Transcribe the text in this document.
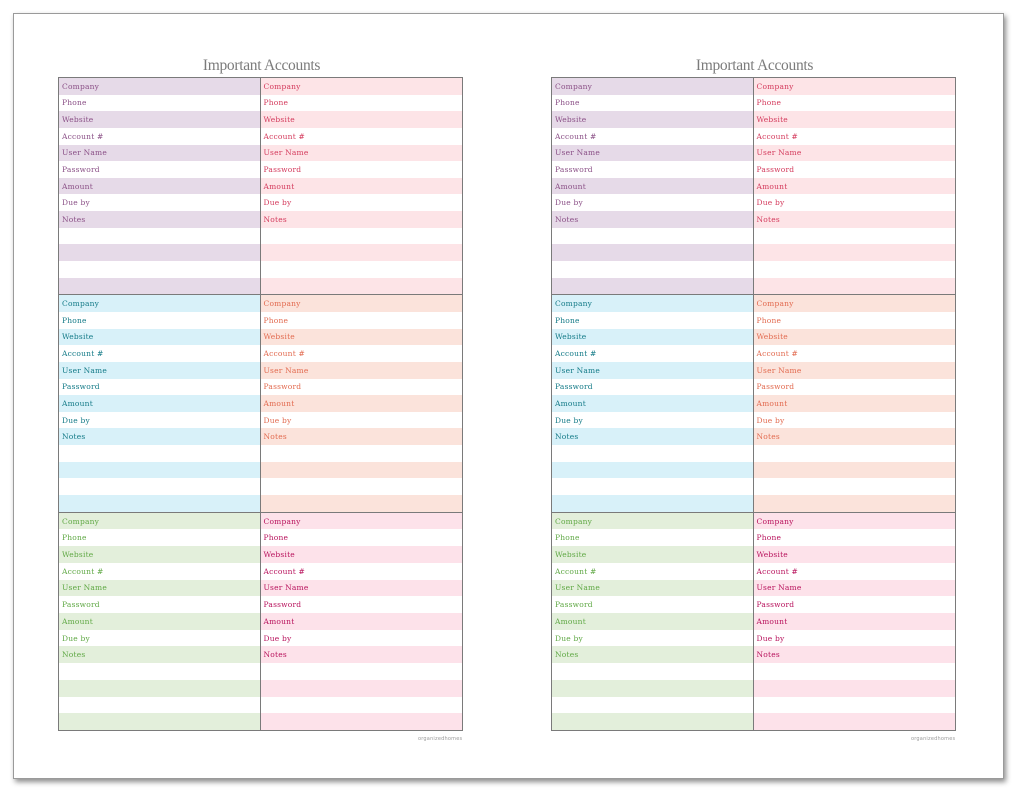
Important Accounts
Company
Phone
Website
Account #
User Name
Password
Amount
Due by
Notes
Company
Phone
Website
Account #
User Name
Password
Amount
Due by
Notes
Company
Phone
Website
Account #
User Name
Password
Amount
Due by
Notes
Company
Phone
Website
Account #
User Name
Password
Amount
Due by
Notes
Company
Phone
Website
Account #
User Name
Password
Amount
Due by
Notes
Company
Phone
Website
Account #
User Name
Password
Amount
Due by
Notes
organizedhomes
Important Accounts
Company
Phone
Website
Account #
User Name
Password
Amount
Due by
Notes
Company
Phone
Website
Account #
User Name
Password
Amount
Due by
Notes
Company
Phone
Website
Account #
User Name
Password
Amount
Due by
Notes
Company
Phone
Website
Account #
User Name
Password
Amount
Due by
Notes
Company
Phone
Website
Account #
User Name
Password
Amount
Due by
Notes
Company
Phone
Website
Account #
User Name
Password
Amount
Due by
Notes
organizedhomes
